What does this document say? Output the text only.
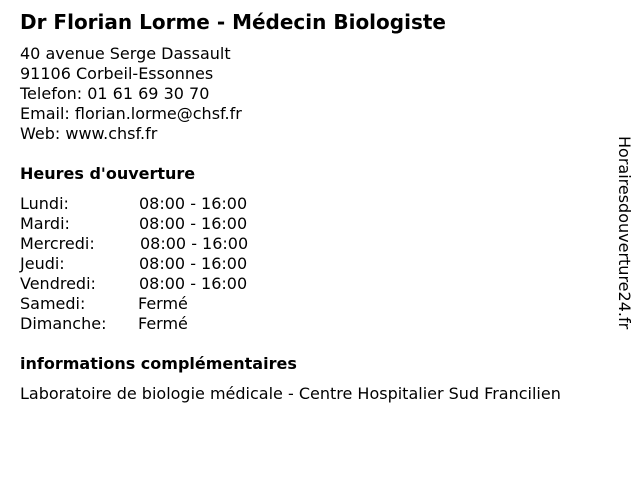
Dr Florian Lorme - Médecin Biologiste
40 avenue Serge Dassault
91106 Corbeil-Essonnes
Telefon: 01 61 69 30 70
Email: florian.lorme@chsf.fr
Web: www.chsf.fr
Heures d'ouverture
Lundi:	08:00 - 16:00
Mardi:	08:00 - 16:00
Mercredi:	08:00 - 16:00
Jeudi:	08:00 - 16:00
Vendredi:	08:00 - 16:00
Samedi:	Fermé
Dimanche: Fermé
informations complémentaires
Laboratoire de biologie médicale - Centre Hospitalier Sud Francilien
Horairesdouverture24.fr
